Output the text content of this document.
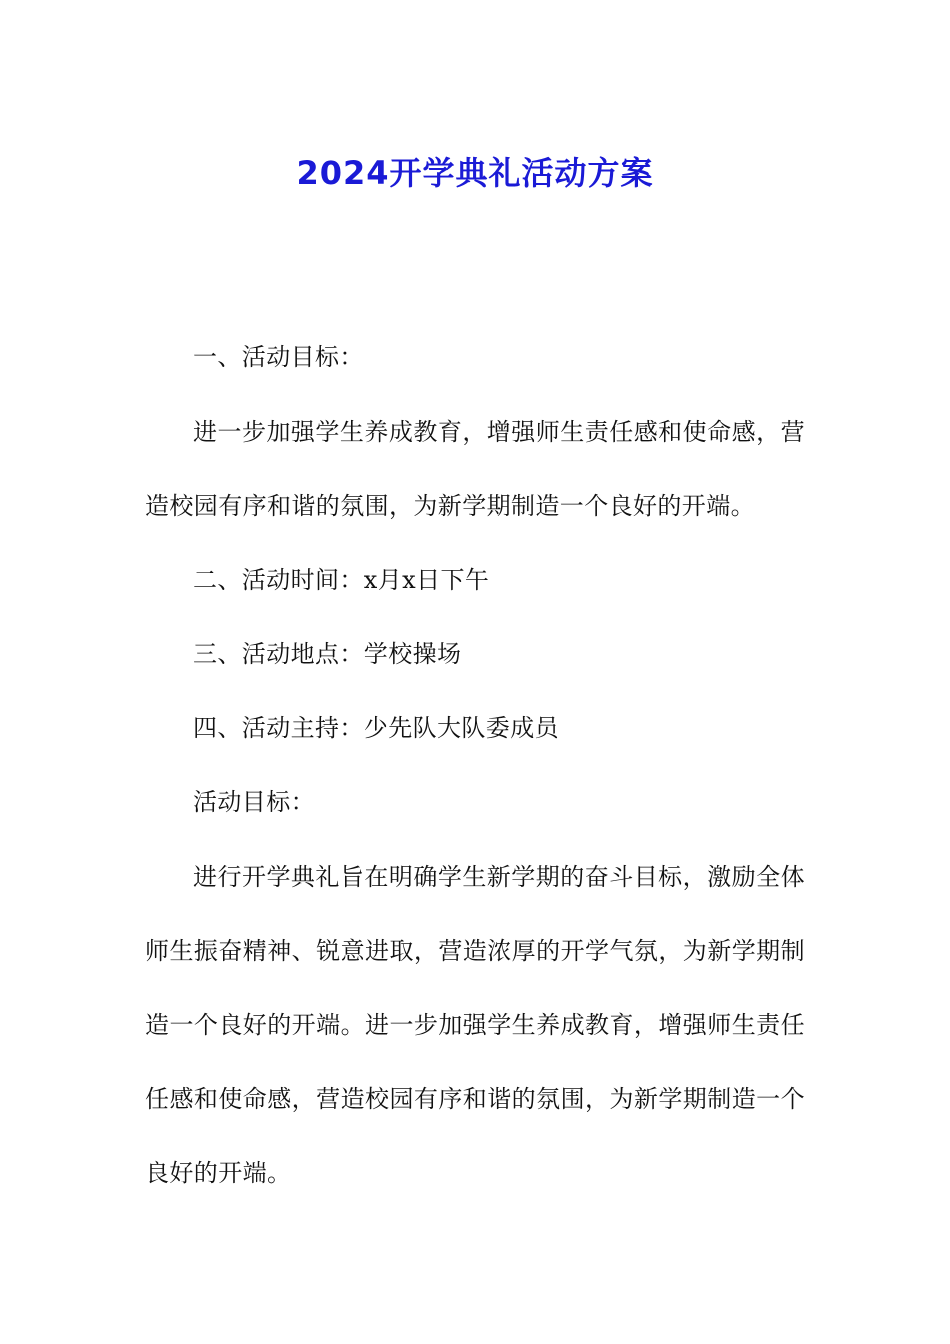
2024开学典礼活动方案

一、活动目标：

进一步加强学生养成教育，增强师生责任感和使命感，营造校园有序和谐的氛围，为新学期制造一个良好的开端。

二、活动时间：x月x日下午

三、活动地点：学校操场

四、活动主持：少先队大队委成员

活动目标：

进行开学典礼旨在明确学生新学期的奋斗目标，激励全体师生振奋精神、锐意进取，营造浓厚的开学气氛，为新学期制造一个良好的开端。进一步加强学生养成教育，增强师生责任任感和使命感，营造校园有序和谐的氛围，为新学期制造一个良好的开端。
